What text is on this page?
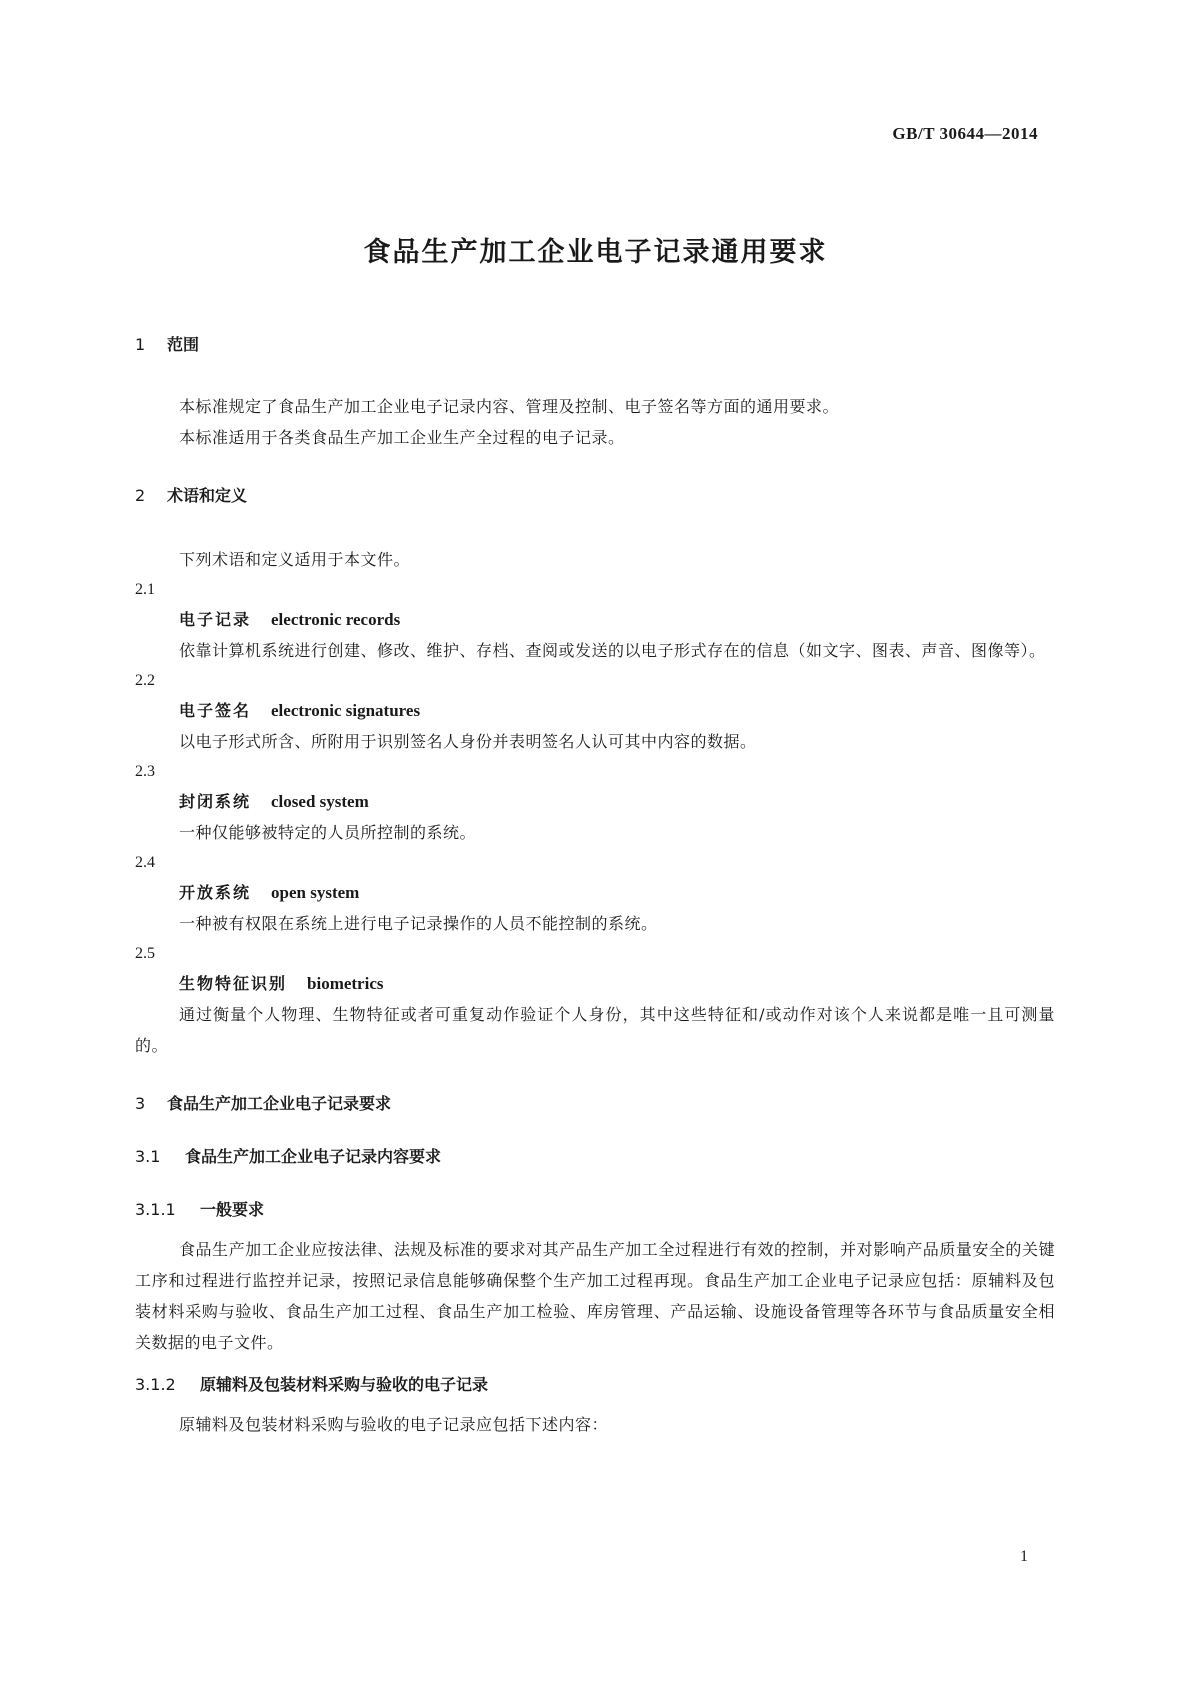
GB/T 30644—2014

食品生产加工企业电子记录通用要求

1 范围

本标准规定了食品生产加工企业电子记录内容、管理及控制、电子签名等方面的通用要求。

本标准适用于各类食品生产加工企业生产全过程的电子记录。

2 术语和定义

下列术语和定义适用于本文件。

2.1

电子记录 electronic records

依靠计算机系统进行创建、修改、维护、存档、查阅或发送的以电子形式存在的信息（如文字、图表、声音、图像等）。

2.2

电子签名 electronic signatures

以电子形式所含、所附用于识别签名人身份并表明签名人认可其中内容的数据。

2.3

封闭系统 closed system

一种仅能够被特定的人员所控制的系统。

2.4

开放系统 open system

一种被有权限在系统上进行电子记录操作的人员不能控制的系统。

2.5

生物特征识别 biometrics

通过衡量个人物理、生物特征或者可重复动作验证个人身份，其中这些特征和/或动作对该个人来说都是唯一且可测量的。

3 食品生产加工企业电子记录要求

3.1 食品生产加工企业电子记录内容要求

3.1.1 一般要求

食品生产加工企业应按法律、法规及标准的要求对其产品生产加工全过程进行有效的控制，并对影响产品质量安全的关键工序和过程进行监控并记录，按照记录信息能够确保整个生产加工过程再现。食品生产加工企业电子记录应包括：原辅料及包装材料采购与验收、食品生产加工过程、食品生产加工检验、库房管理、产品运输、设施设备管理等各环节与食品质量安全相关数据的电子文件。

3.1.2 原辅料及包装材料采购与验收的电子记录

原辅料及包装材料采购与验收的电子记录应包括下述内容：

1
